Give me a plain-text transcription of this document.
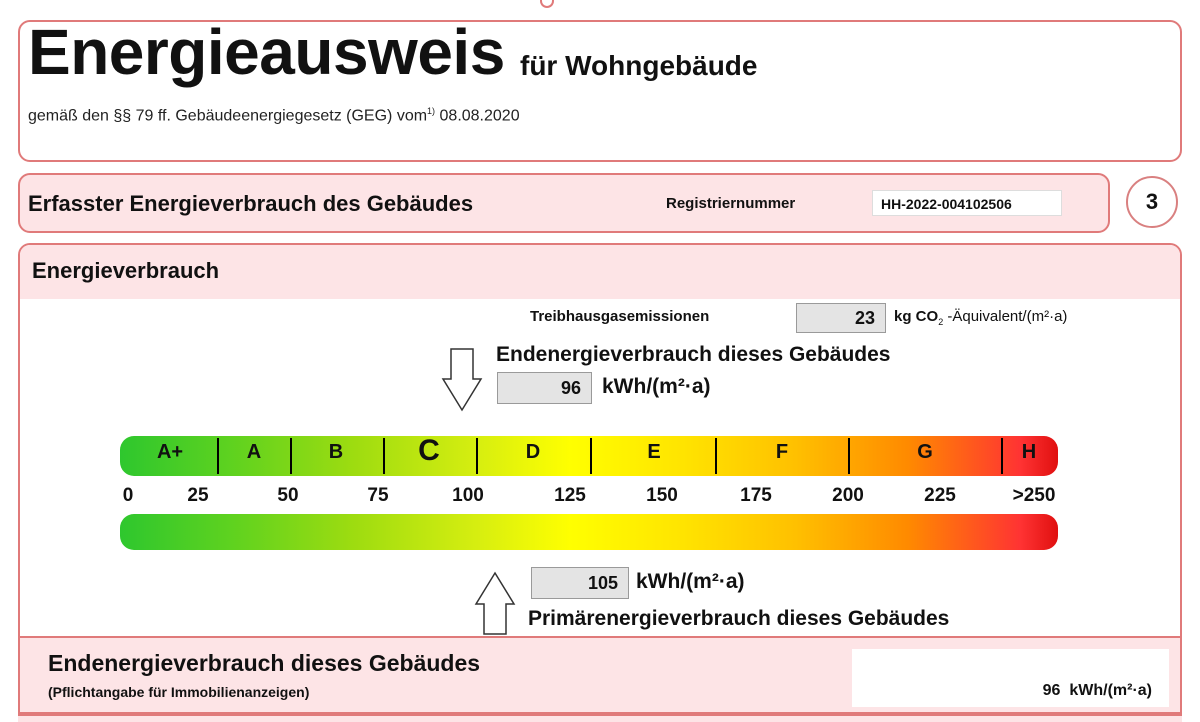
Energieausweis für Wohngebäude
gemäß den §§ 79 ff. Gebäudeenergiegesetz (GEG) vom$^{1)}$ 08.08.2020
Erfasster Energieverbrauch des Gebäudes	Registriernummer	HH-2022-004102506	3
Energieverbrauch
Treibhausgasemissionen	23	kg $CO_2$ -Äquivalent/(m²·a)
Endenergieverbrauch dieses Gebäudes
96	kWh/(m²·a)
A+	A	B	C	D	E	F	G	H
0	25	50	75	100	125	150	175	200	225	>250
105 kWh/(m²·a)
Primärenergieverbrauch dieses Gebäudes
Endenergieverbrauch dieses Gebäudes
(Pflichtangabe für Immobilienanzeigen)	96  kWh/(m²·a)
